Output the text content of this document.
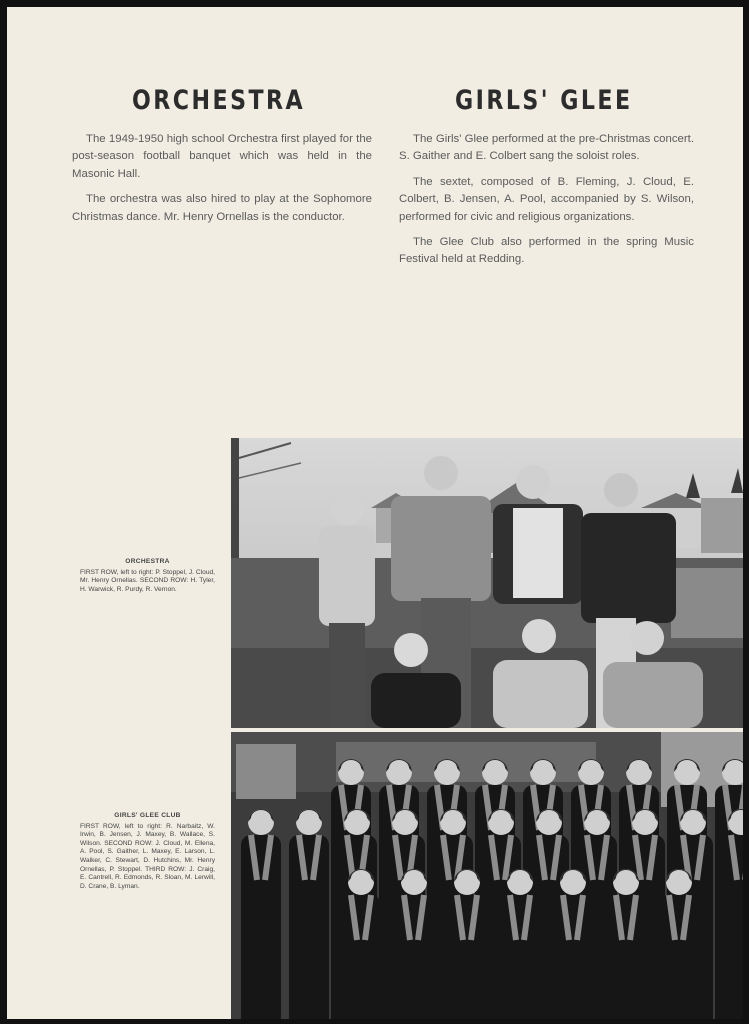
ORCHESTRA	GIRLS' GLEE

The 1949-1950 high school Orchestra first played for the post-season football banquet which was held in the Masonic Hall.

The orchestra was also hired to play at the Sophomore Christmas dance. Mr. Henry Ornellas is the conductor.

The Girls' Glee performed at the pre-Christmas concert. S. Gaither and E. Colbert sang the soloist roles.

The sextet, composed of B. Fleming, J. Cloud, E. Colbert, B. Jensen, A. Pool, accompanied by S. Wilson, performed for civic and religious organizations.

The Glee Club also performed in the spring Music Festival held at Redding.

ORCHESTRA
FIRST ROW, left to right: P. Stoppel, J. Cloud, Mr. Henry Ornellas. SECOND ROW: H. Tyler, H. Warwick, R. Purdy, R. Vernon.
GIRLS' GLEE CLUB
FIRST ROW, left to right: R. Narbaitz, W. Irwin, B. Jensen, J. Maxey, B. Wallace, S. Wilson. SECOND ROW: J. Cloud, M. Ellena, A. Pool, S. Gaither, L. Maxey, E. Larson, L. Walker, C. Stewart, D. Hutchins, Mr. Henry Ornellas, P. Stoppel. THIRD ROW: J. Craig, E. Cantrell, R. Edmonds, R. Sloan, M. Lerwill, D. Crane, B. Lyman.
